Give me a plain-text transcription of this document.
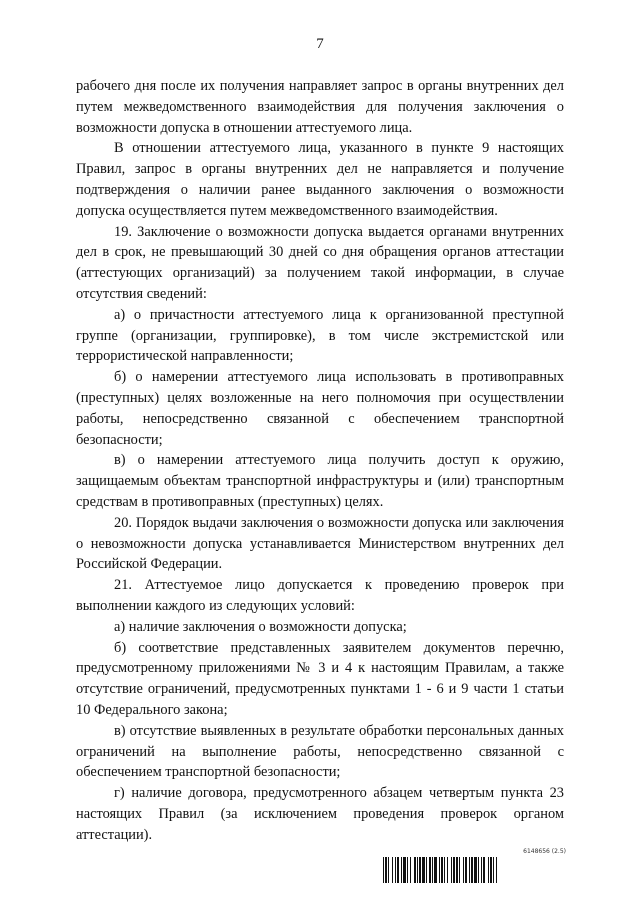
7

рабочего дня после их получения направляет запрос в органы внутренних дел путем межведомственного взаимодействия для получения заключения о возможности допуска в отношении аттестуемого лица.

В отношении аттестуемого лица, указанного в пункте 9 настоящих Правил, запрос в органы внутренних дел не направляется и получение подтверждения о наличии ранее выданного заключения о возможности допуска осуществляется путем межведомственного взаимодействия.

19. Заключение о возможности допуска выдается органами внутренних дел в срок, не превышающий 30 дней со дня обращения органов аттестации (аттестующих организаций) за получением такой информации, в случае отсутствия сведений:

а) о причастности аттестуемого лица к организованной преступной группе (организации, группировке), в том числе экстремистской или террористической направленности;

б) о намерении аттестуемого лица использовать в противоправных (преступных) целях возложенные на него полномочия при осуществлении работы, непосредственно связанной с обеспечением транспортной безопасности;

в) о намерении аттестуемого лица получить доступ к оружию, защищаемым объектам транспортной инфраструктуры и (или) транспортным средствам в противоправных (преступных) целях.

20. Порядок выдачи заключения о возможности допуска или заключения о невозможности допуска устанавливается Министерством внутренних дел Российской Федерации.

21. Аттестуемое лицо допускается к проведению проверок при выполнении каждого из следующих условий:

а) наличие заключения о возможности допуска;

б) соответствие представленных заявителем документов перечню, предусмотренному приложениями № 3 и 4 к настоящим Правилам, а также отсутствие ограничений, предусмотренных пунктами 1 - 6 и 9 части 1 статьи 10 Федерального закона;

в) отсутствие выявленных в результате обработки персональных данных ограничений на выполнение работы, непосредственно связанной с обеспечением транспортной безопасности;

г) наличие договора, предусмотренного абзацем четвертым пункта 23 настоящих Правил (за исключением проведения проверок органом аттестации).

6148656 (2.5)
